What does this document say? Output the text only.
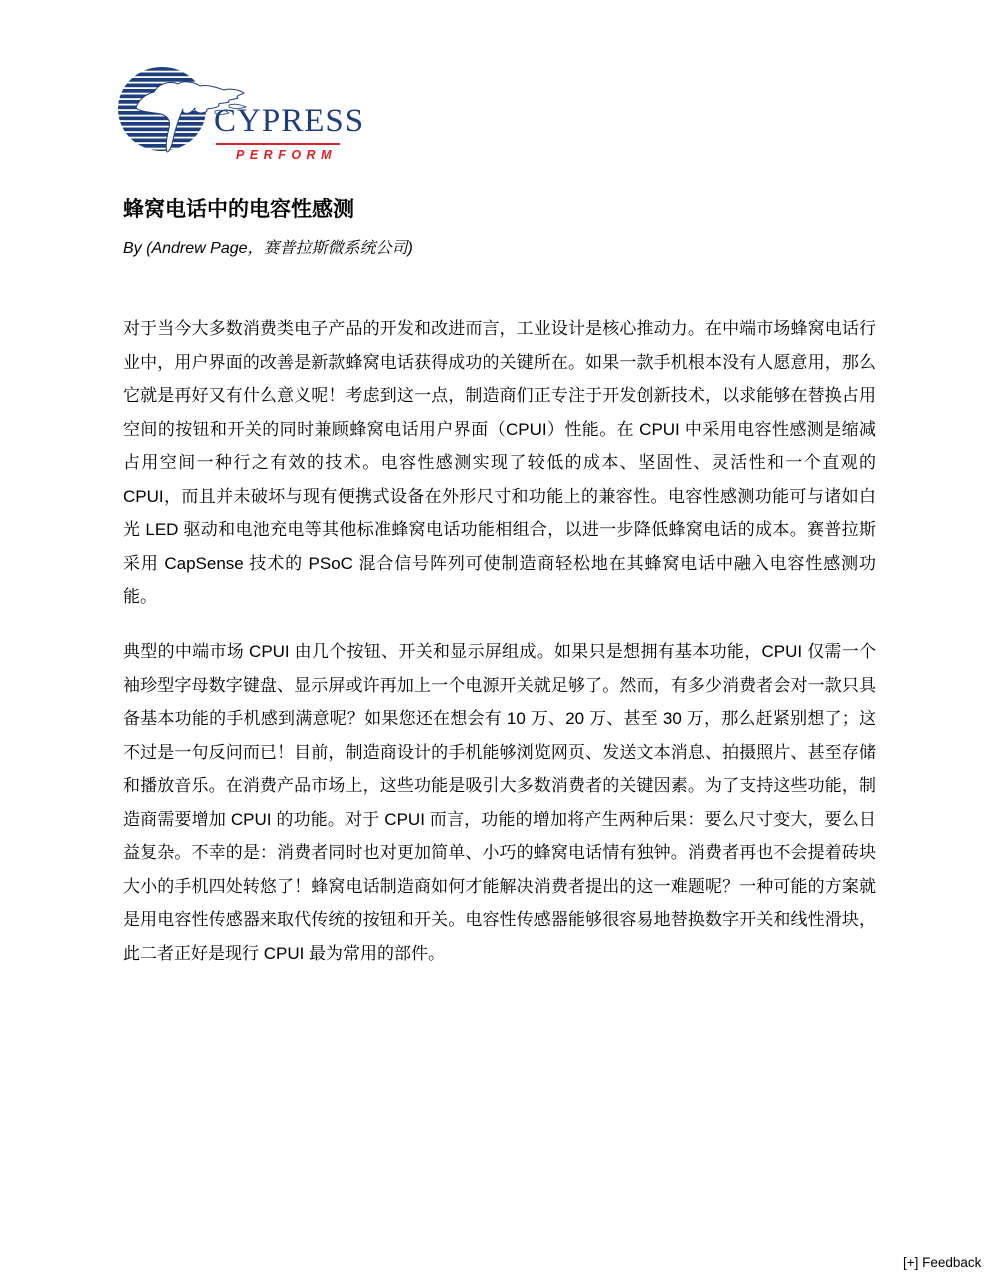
CYPRESS
PERFORM
蜂窝电话中的电容性感测

By (Andrew Page，赛普拉斯微系统公司)

对于当今大多数消费类电子产品的开发和改进而言，工业设计是核心推动力。在中端市场蜂窝电话行业中，用户界面的改善是新款蜂窝电话获得成功的关键所在。如果一款手机根本没有人愿意用，那么它就是再好又有什么意义呢！考虑到这一点，制造商们正专注于开发创新技术，以求能够在替换占用空间的按钮和开关的同时兼顾蜂窝电话用户界面（CPUI）性能。在 CPUI 中采用电容性感测是缩减占用空间一种行之有效的技术。电容性感测实现了较低的成本、坚固性、灵活性和一个直观的 CPUI，而且并未破坏与现有便携式设备在外形尺寸和功能上的兼容性。电容性感测功能可与诸如白光 LED 驱动和电池充电等其他标准蜂窝电话功能相组合，以进一步降低蜂窝电话的成本。赛普拉斯采用 CapSense 技术的 PSoC 混合信号阵列可使制造商轻松地在其蜂窝电话中融入电容性感测功能。

典型的中端市场 CPUI 由几个按钮、开关和显示屏组成。如果只是想拥有基本功能，CPUI 仅需一个袖珍型字母数字键盘、显示屏或许再加上一个电源开关就足够了。然而，有多少消费者会对一款只具备基本功能的手机感到满意呢？如果您还在想会有 10 万、20 万、甚至 30 万，那么赶紧别想了；这不过是一句反问而已！目前，制造商设计的手机能够浏览网页、发送文本消息、拍摄照片、甚至存储和播放音乐。在消费产品市场上，这些功能是吸引大多数消费者的关键因素。为了支持这些功能，制造商需要增加 CPUI 的功能。对于 CPUI 而言，功能的增加将产生两种后果：要么尺寸变大，要么日益复杂。不幸的是：消费者同时也对更加简单、小巧的蜂窝电话情有独钟。消费者再也不会提着砖块大小的手机四处转悠了！蜂窝电话制造商如何才能解决消费者提出的这一难题呢？一种可能的方案就是用电容性传感器来取代传统的按钮和开关。电容性传感器能够很容易地替换数字开关和线性滑块，此二者正好是现行 CPUI 最为常用的部件。

[+] Feedback
